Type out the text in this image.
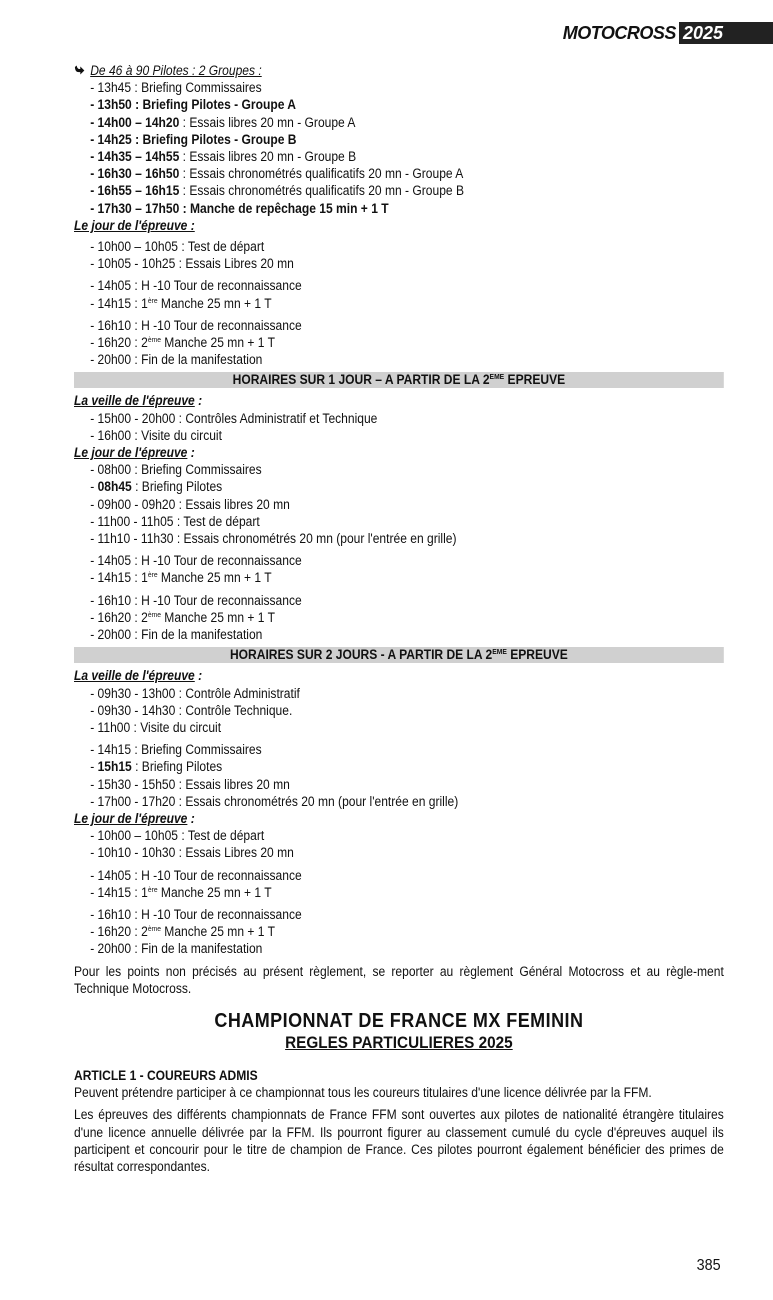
MOTOCROSS 2025
De 46 à 90 Pilotes : 2 Groupes :
- 13h45 : Briefing Commissaires
- 13h50 : Briefing Pilotes - Groupe A
- 14h00 – 14h20 : Essais libres 20 mn - Groupe A
- 14h25 : Briefing Pilotes - Groupe B
- 14h35 – 14h55 : Essais libres 20 mn - Groupe B
- 16h30 – 16h50 : Essais chronométrés qualificatifs 20 mn - Groupe A
- 16h55 – 16h15 : Essais chronométrés qualificatifs 20 mn - Groupe B
- 17h30 – 17h50 : Manche de repêchage 15 min + 1 T
Le jour de l'épreuve :
- 10h00 – 10h05 : Test de départ
- 10h05 - 10h25 : Essais Libres 20 mn
- 14h05 : H -10 Tour de reconnaissance
- 14h15 : 1ère Manche 25 mn + 1 T
- 16h10 : H -10 Tour de reconnaissance
- 16h20 : 2ème Manche 25 mn + 1 T
- 20h00 : Fin de la manifestation
HORAIRES SUR 1 JOUR – A PARTIR DE LA 2EME EPREUVE
La veille de l'épreuve :
- 15h00 - 20h00 : Contrôles Administratif et Technique
- 16h00 : Visite du circuit
Le jour de l'épreuve :
- 08h00 : Briefing Commissaires
- 08h45 : Briefing Pilotes
- 09h00 - 09h20 : Essais libres 20 mn
- 11h00 - 11h05 : Test de départ
- 11h10 - 11h30 : Essais chronométrés 20 mn (pour l'entrée en grille)
- 14h05 : H -10 Tour de reconnaissance
- 14h15 : 1ère Manche 25 mn + 1 T
- 16h10 : H -10 Tour de reconnaissance
- 16h20 : 2ème Manche 25 mn + 1 T
- 20h00 : Fin de la manifestation
HORAIRES SUR 2 JOURS - A PARTIR DE LA 2EME EPREUVE
La veille de l'épreuve :
- 09h30 - 13h00 : Contrôle Administratif
- 09h30 - 14h30 : Contrôle Technique.
- 11h00 : Visite du circuit
- 14h15 : Briefing Commissaires
- 15h15 : Briefing Pilotes
- 15h30 - 15h50 : Essais libres 20 mn
- 17h00 - 17h20 : Essais chronométrés 20 mn (pour l'entrée en grille)
Le jour de l'épreuve :
- 10h00 – 10h05 : Test de départ
- 10h10 - 10h30 : Essais Libres 20 mn
- 14h05 : H -10 Tour de reconnaissance
- 14h15 : 1ère Manche 25 mn + 1 T
- 16h10 : H -10 Tour de reconnaissance
- 16h20 : 2ème Manche 25 mn + 1 T
- 20h00 : Fin de la manifestation
Pour les points non précisés au présent règlement, se reporter au règlement Général Motocross et au règle-ment Technique Motocross.
CHAMPIONNAT DE FRANCE MX FEMININ
REGLES PARTICULIERES 2025
ARTICLE 1 - COUREURS ADMIS
Peuvent prétendre participer à ce championnat tous les coureurs titulaires d'une licence délivrée par la FFM.
Les épreuves des différents championnats de France FFM sont ouvertes aux pilotes de nationalité étrangère titulaires d'une licence annuelle délivrée par la FFM. Ils pourront figurer au classement cumulé du cycle d'épreuves auquel ils participent et concourir pour le titre de champion de France. Ces pilotes pourront également bénéficier des primes de résultat correspondantes.
385
